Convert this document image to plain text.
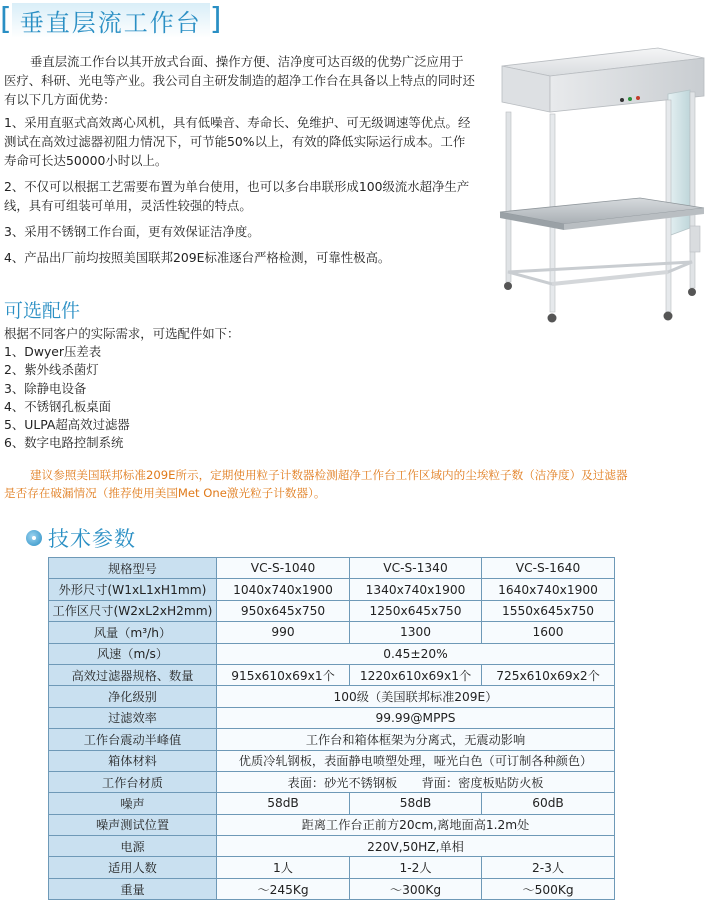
[ 垂直层流工作台 ]

垂直层流工作台以其开放式台面、操作方便、洁净度可达百级的优势广泛应用于医疗、科研、光电等产业。我公司自主研发制造的超净工作台在具备以上特点的同时还有以下几方面优势：

1、采用直驱式高效离心风机，具有低噪音、寿命长、免维护、可无级调速等优点。经测试在高效过滤器初阻力情况下，可节能50%以上，有效的降低实际运行成本。工作寿命可长达50000小时以上。

2、不仅可以根据工艺需要布置为单台使用，也可以多台串联形成100级流水超净生产线，具有可组装可单用，灵活性较强的特点。

3、采用不锈钢工作台面，更有效保证洁净度。

4、产品出厂前均按照美国联邦209E标准逐台严格检测，可靠性极高。

可选配件
根据不同客户的实际需求，可选配件如下：
1、Dwyer压差表
2、紫外线杀菌灯
3、除静电设备
4、不锈钢孔板桌面
5、ULPA超高效过滤器
6、数字电路控制系统
建议参照美国联邦标准209E所示，定期使用粒子计数器检测超净工作台工作区域内的尘埃粒子数（洁净度）及过滤器
是否存在破漏情况（推荐使用美国Met One激光粒子计数器）。
技术参数
规格型号	VC-S-1040	VC-S-1340	VC-S-1640
外形尺寸(W1xL1xH1mm)	1040x740x1900	1340x740x1900	1640x740x1900
工作区尺寸(W2xL2xH2mm)	950x645x750	1250x645x750	1550x645x750
风量（m³/h）	990	1300	1600
风速（m/s）	0.45±20%		
高效过滤器规格、数量	915x610x69x1个	1220x610x69x1个	725x610x69x2个
净化级别	100级（美国联邦标准209E）		
过滤效率	99.99@MPPS		
工作台震动半峰值	工作台和箱体框架为分离式，无震动影响		
箱体材料	优质冷轧钢板，表面静电喷塑处理，哑光白色（可订制各种颜色）		
工作台材质	表面：砂光不锈钢板　　背面：密度板贴防火板		
噪声	58dB	58dB	60dB
噪声测试位置	距离工作台正前方20cm,离地面高1.2m处		
电源	220V,50HZ,单相		
适用人数	1人	1-2人	2-3人
重量	～245Kg	～300Kg	～500Kg
